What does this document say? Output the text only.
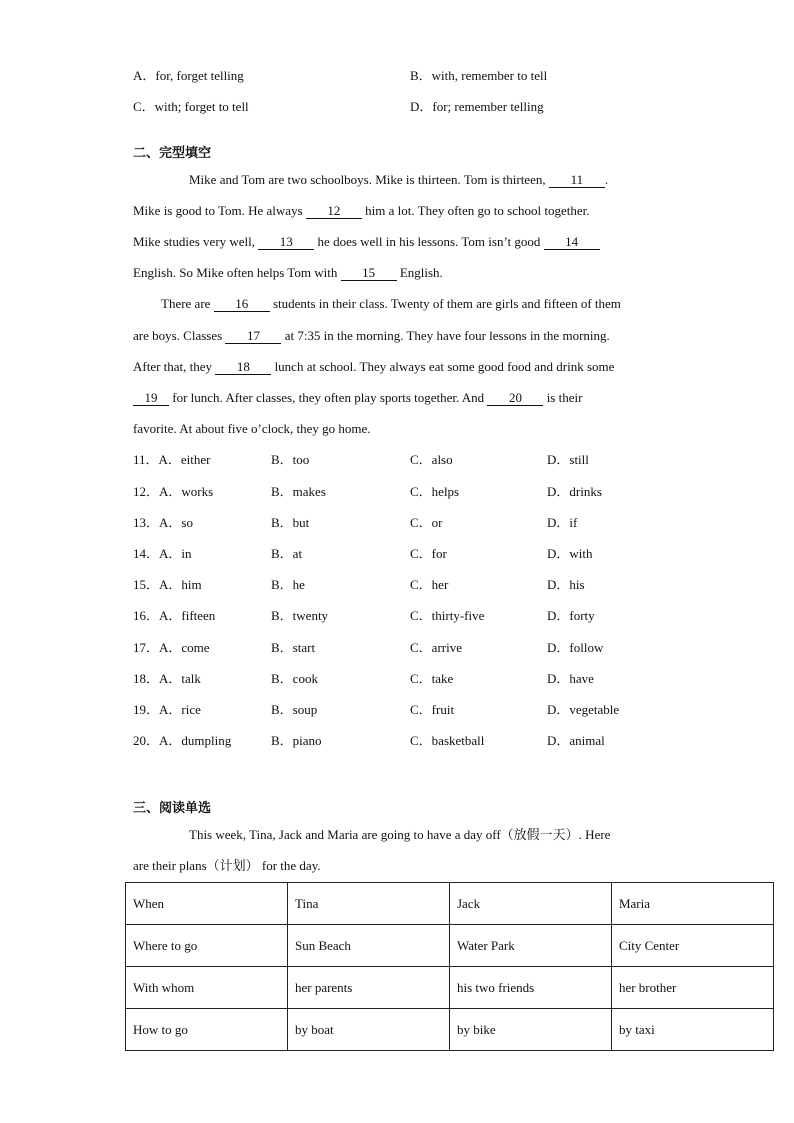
A．for, forget telling	B．with, remember to tell
C．with; forget to tell	D．for; remember telling
二、完型填空
Mike and Tom are two schoolboys. Mike is thirteen. Tom is thirteen, 11 .
Mike is good to Tom. He always 12 him a lot. They often go to school together.
Mike studies very well, 13 he does well in his lessons. Tom isn’t good 14
English. So Mike often helps Tom with 15 English.
There are 16 students in their class. Twenty of them are girls and fifteen of them
are boys. Classes 17 at 7:35 in the morning. They have four lessons in the morning.
After that, they 18 lunch at school. They always eat some good food and drink some
19 for lunch. After classes, they often play sports together. And 20 is their
favorite. At about five o’clock, they go home.
11．A．either	B．too	C．also	D．still
12．A．works	B．makes	C．helps	D．drinks
13．A．so	B．but	C．or	D．if
14．A．in	B．at	C．for	D．with
15．A．him	B．he	C．her	D．his
16．A．fifteen	B．twenty	C．thirty-five	D．forty
17．A．come	B．start	C．arrive	D．follow
18．A．talk	B．cook	C．take	D．have
19．A．rice	B．soup	C．fruit	D．vegetable
20．A．dumpling	B．piano	C．basketball	D．animal
三、阅读单选
This week, Tina, Jack and Maria are going to have a day off（放假一天）. Here
are their plans（计划） for the day.
When	Tina	Jack	Maria
Where to go	Sun Beach	Water Park	City Center
With whom	her parents	his two friends	her brother
How to go	by boat	by bike	by taxi
